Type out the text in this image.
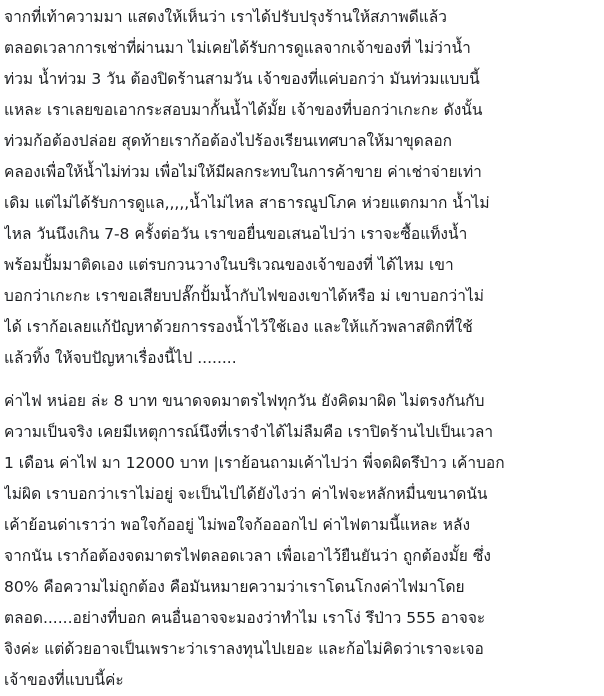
จากที่เท้าความมา แสดงให้เห็นว่า เราได้ปรับปรุงร้านให้สภาพดีแล้ว
ตลอดเวลาการเช่าที่ผ่านมา ไม่เคยได้รับการดูแลจากเจ้าของที่ ไม่ว่าน้ำ
ท่วม น้ำท่วม 3 วัน ต้องปิดร้านสามวัน เจ้าของที่แค่บอกว่า มันท่วมแบบนี้
แหละ เราเลยขอเอากระสอบมากั้นน้ำได้มั้ย เจ้าของที่บอกว่าเกะกะ ดังนั้น
ท่วมก้อต้องปล่อย สุดท้ายเราก้อต้องไปร้องเรียนเทศบาลให้มาขุดลอก
คลองเพื่อให้น้ำไม่ท่วม เพื่อไม่ให้มีผลกระทบในการค้าขาย ค่าเช่าจ่ายเท่า
เดิม แต่ไม่ได้รับการดูแล,,,,,น้ำไม่ไหล สาธารณูปโภค ห่วยแตกมาก น้ำไม่
ไหล วันนึงเกิน 7-8 ครั้งต่อวัน เราขอยื่นขอเสนอไปว่า เราจะซื้อแท็งน้ำ
พร้อมปั้มมาติดเอง แต่รบกวนวางในบริเวณของเจ้าของที่ ได้ไหม เขา
บอกว่าเกะกะ เราขอเสียบปลั๊กปั้มน้ำกับไฟของเขาได้หรือ ม่ เขาบอกว่าไม่
ได้ เราก้อเลยแก้ปัญหาด้วยการรองน้ำไว้ใช้เอง และให้แก้วพลาสติกที่ใช้
แล้วทิ้ง ให้จบปัญหาเรื่องนี้ไป ........
ค่าไฟ หน่อย ล่ะ 8 บาท ขนาดจดมาตรไฟทุกวัน ยังคิดมาผิด ไม่ตรงกันกับ
ความเป็นจริง เคยมีเหตุการณ์นึงที่เราจำได้ไม่ลืมคือ เราปิดร้านไปเป็นเวลา
1 เดือน ค่าไฟ มา 12000 บาท |เราย้อนถามเค้าไปว่า พี่จดผิดรึป่าว เค้าบอก
ไม่ผิด เราบอกว่าเราไม่อยู่ จะเป็นไปได้ยังไงว่า ค่าไฟจะหลักหมื่นขนาดนัน
เค้าย้อนด่าเราว่า พอใจก้ออยู่ ไม่พอใจก้อออกไป ค่าไฟตามนี้แหละ หลัง
จากนัน เราก้อต้องจดมาตรไฟตลอดเวลา เพื่อเอาไว้ยืนยันว่า ถูกต้องมั้ย ซึ่ง
80% คือความไม่ถูกต้อง คือมันหมายความว่าเราโดนโกงค่าไฟมาโดย
ตลอด......อย่างที่บอก คนอื่นอาจจะมองว่าทำไม เราโง่ รึป่าว 555 อาจจะ
จิงค่ะ แต่ด้วยอาจเป็นเพราะว่าเราลงทุนไปเยอะ และก้อไม่คิดว่าเราจะเจอ
เจ้าของที่แบบนี้ค่ะ
